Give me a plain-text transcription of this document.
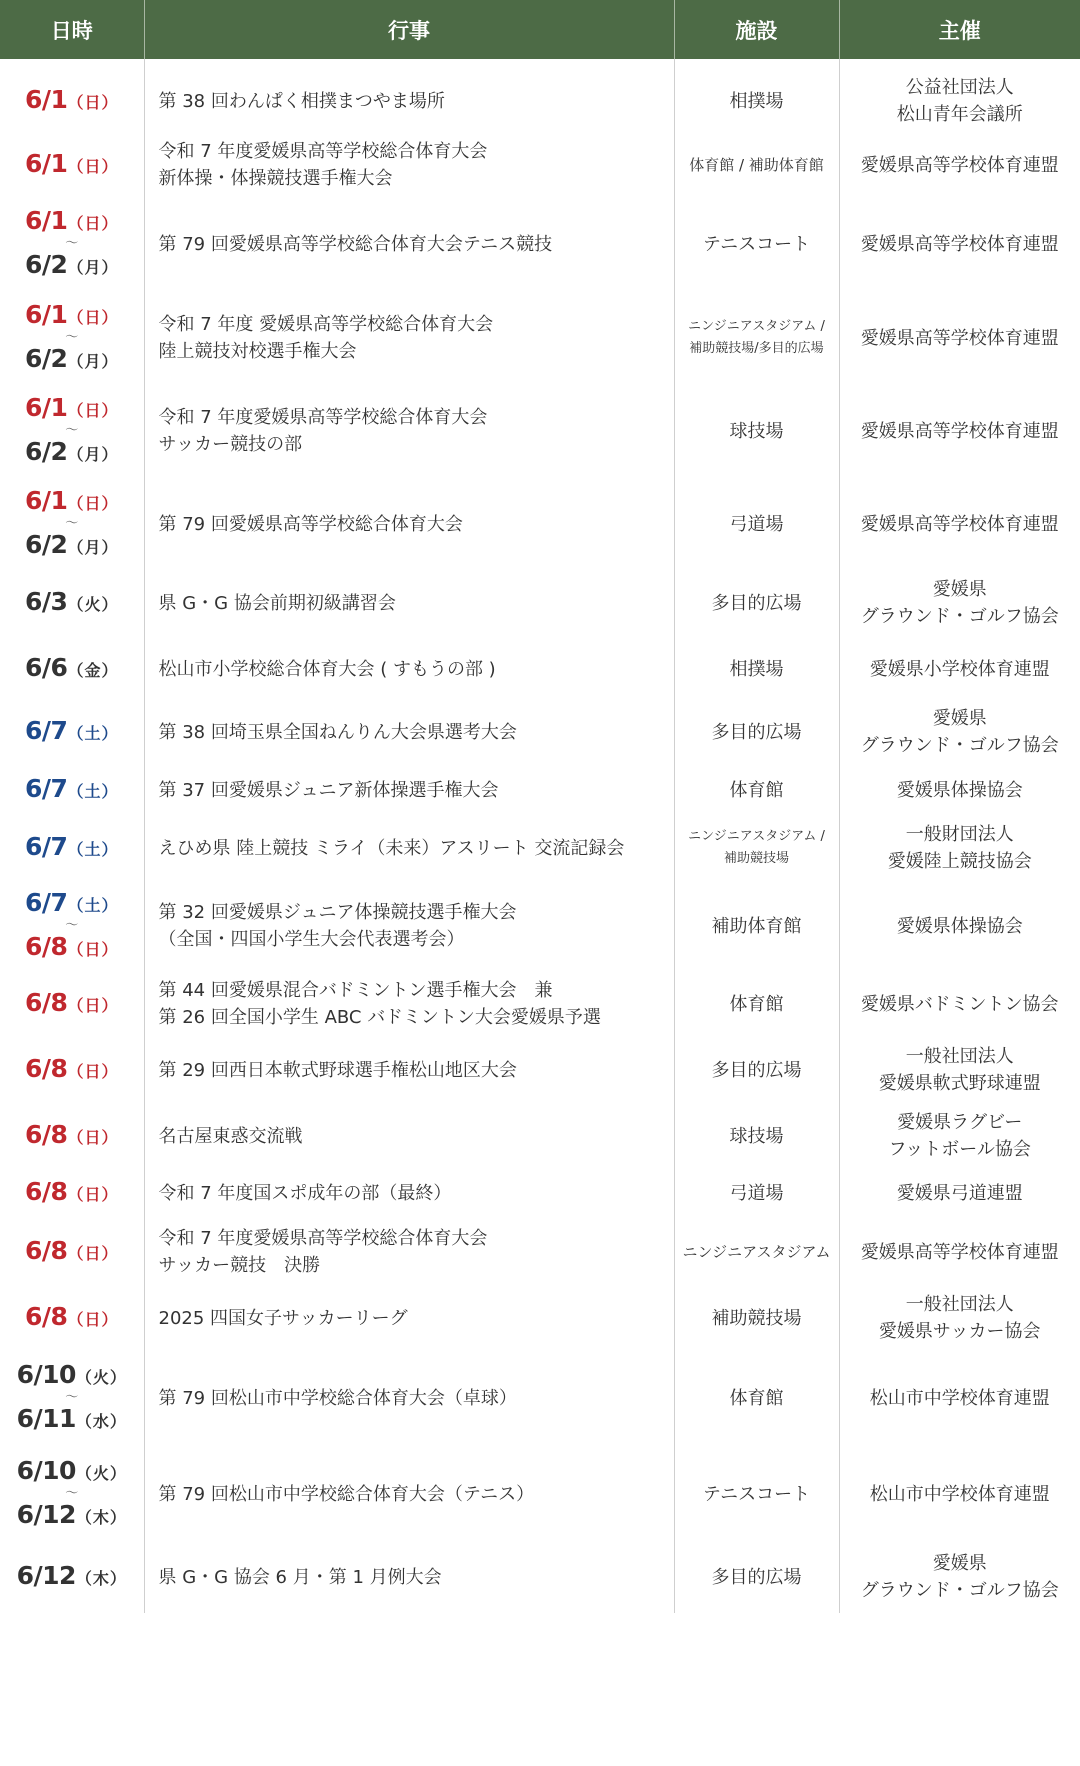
日時	行事	施設	主催

6/1（日）	第 38 回わんぱく相撲まつやま場所	相撲場	公益社団法人
松山青年会議所

6/1（日）	令和 7 年度愛媛県高等学校総合体育大会
新体操・体操競技選手権大会	体育館 / 補助体育館	愛媛県高等学校体育連盟

6/1（日）
〜
6/2（月）	第 79 回愛媛県高等学校総合体育大会テニス競技	テニスコート	愛媛県高等学校体育連盟

6/1（日）
〜
6/2（月）	令和 7 年度 愛媛県高等学校総合体育大会
陸上競技対校選手権大会	ニンジニアスタジアム /
補助競技場/多目的広場	愛媛県高等学校体育連盟

6/1（日）
〜
6/2（月）	令和 7 年度愛媛県高等学校総合体育大会
サッカー競技の部	球技場	愛媛県高等学校体育連盟

6/1（日）
〜
6/2（月）	第 79 回愛媛県高等学校総合体育大会	弓道場	愛媛県高等学校体育連盟

6/3（火）	県 G・G 協会前期初級講習会	多目的広場	愛媛県
グラウンド・ゴルフ協会

6/6（金）	松山市小学校総合体育大会 ( すもうの部 )	相撲場	愛媛県小学校体育連盟

6/7（土）	第 38 回埼玉県全国ねんりん大会県選考大会	多目的広場	愛媛県
グラウンド・ゴルフ協会

6/7（土）	第 37 回愛媛県ジュニア新体操選手権大会	体育館	愛媛県体操協会

6/7（土）	えひめ県 陸上競技 ミライ（未来）アスリート 交流記録会	ニンジニアスタジアム /
補助競技場	一般財団法人
愛媛陸上競技協会

6/7（土）
〜
6/8（日）	第 32 回愛媛県ジュニア体操競技選手権大会
（全国・四国小学生大会代表選考会）	補助体育館	愛媛県体操協会

6/8（日）	第 44 回愛媛県混合バドミントン選手権大会　兼
第 26 回全国小学生 ABC バドミントン大会愛媛県予選	体育館	愛媛県バドミントン協会

6/8（日）	第 29 回西日本軟式野球選手権松山地区大会	多目的広場	一般社団法人
愛媛県軟式野球連盟

6/8（日）	名古屋東惑交流戦	球技場	愛媛県ラグビー
フットボール協会

6/8（日）	令和 7 年度国スポ成年の部（最終）	弓道場	愛媛県弓道連盟

6/8（日）	令和 7 年度愛媛県高等学校総合体育大会
サッカー競技　決勝	ニンジニアスタジアム	愛媛県高等学校体育連盟

6/8（日）	2025 四国女子サッカーリーグ	補助競技場	一般社団法人
愛媛県サッカー協会

6/10（火）
〜
6/11（水）	第 79 回松山市中学校総合体育大会（卓球）	体育館	松山市中学校体育連盟

6/10（火）
〜
6/12（木）	第 79 回松山市中学校総合体育大会（テニス）	テニスコート	松山市中学校体育連盟

6/12（木）	県 G・G 協会 6 月・第 1 月例大会	多目的広場	愛媛県
グラウンド・ゴルフ協会
